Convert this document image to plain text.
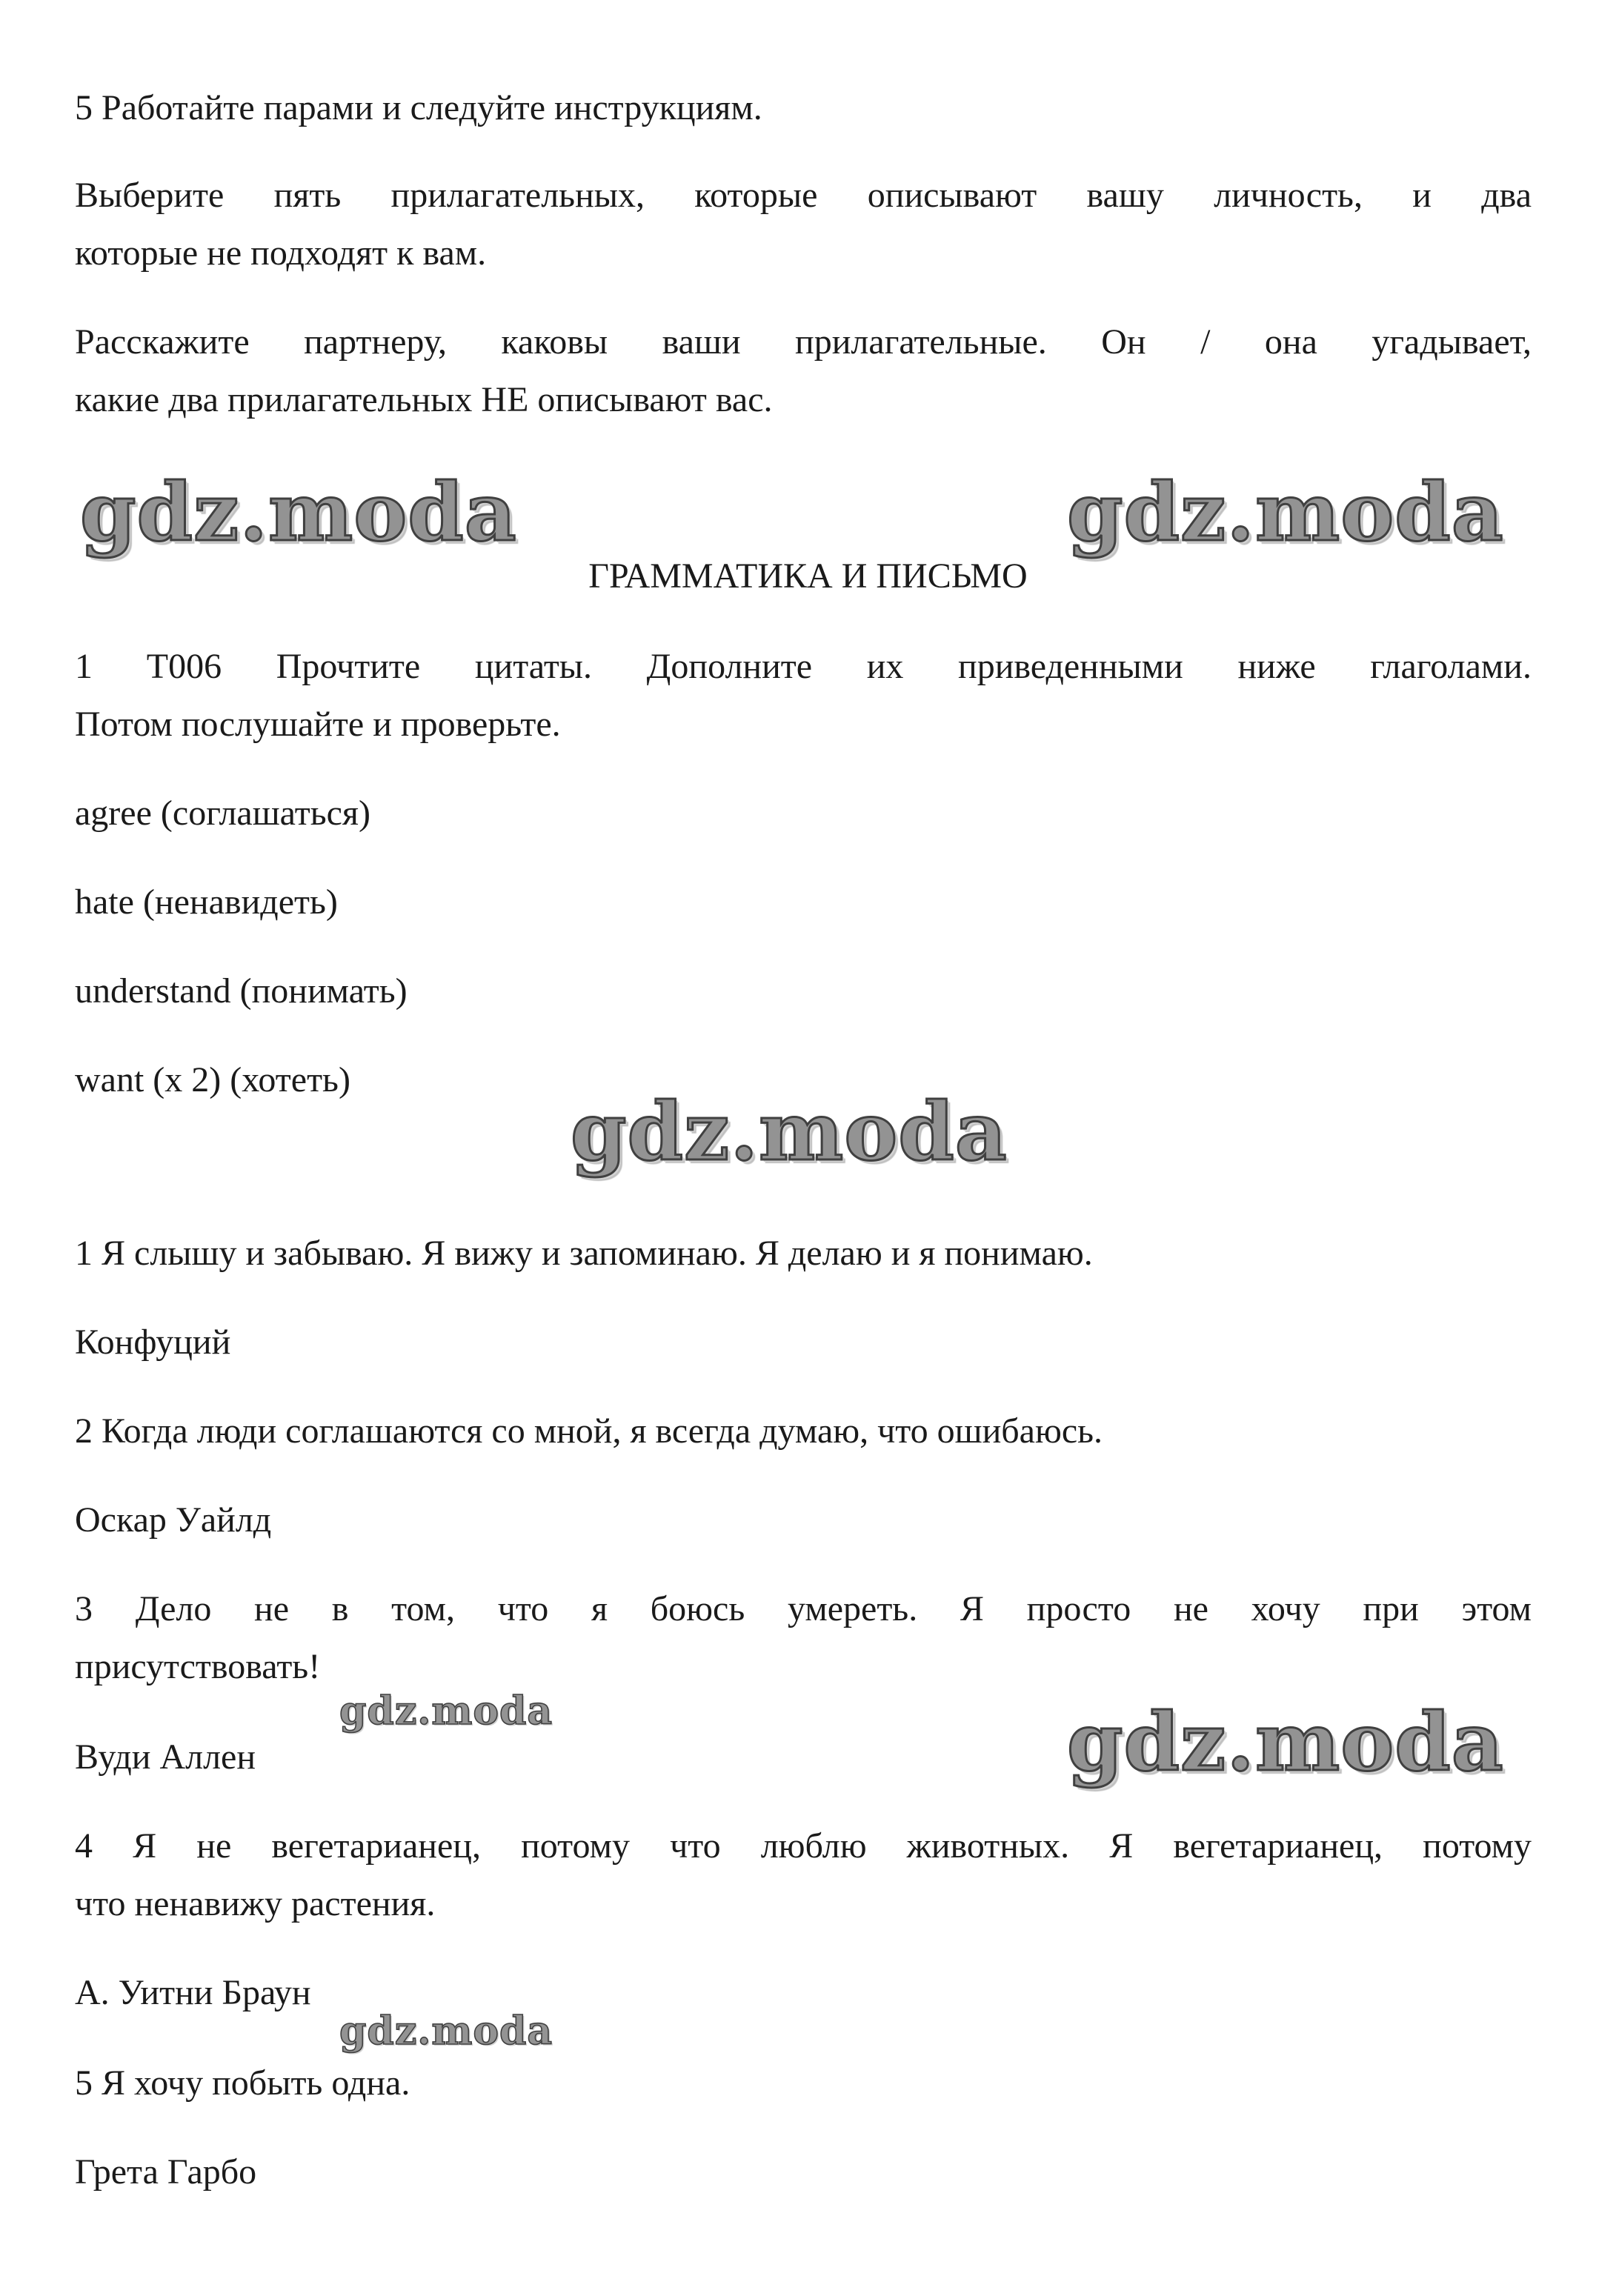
5 Работайте парами и следуйте инструкциям.
Выберите пять прилагательных, которые описывают вашу личность, и два
которые не подходят к вам.
Расскажите партнеру, каковы ваши прилагательные. Он / она угадывает,
какие два прилагательных НЕ описывают вас.
gdz.moda	gdz.moda
ГРАММАТИКА И ПИСЬМО
1 T006 Прочтите цитаты. Дополните их приведенными ниже глаголами.
Потом послушайте и проверьте.
agree (соглашаться)
hate (ненавидеть)
understand (понимать)
want (x 2) (хотеть)
gdz.moda
1 Я слышу и забываю. Я вижу и запоминаю. Я делаю и я понимаю.
Конфуций
2 Когда люди соглашаются со мной, я всегда думаю, что ошибаюсь.
Оскар Уайлд
3 Дело не в том, что я боюсь умереть. Я просто не хочу при этом
присутствовать!
gdz.moda
Вуди Аллен	gdz.moda
4 Я не вегетарианец, потому что люблю животных. Я вегетарианец, потому
что ненавижу растения.
А. Уитни Браун
gdz.moda
5 Я хочу побыть одна.
Грета Гарбо
